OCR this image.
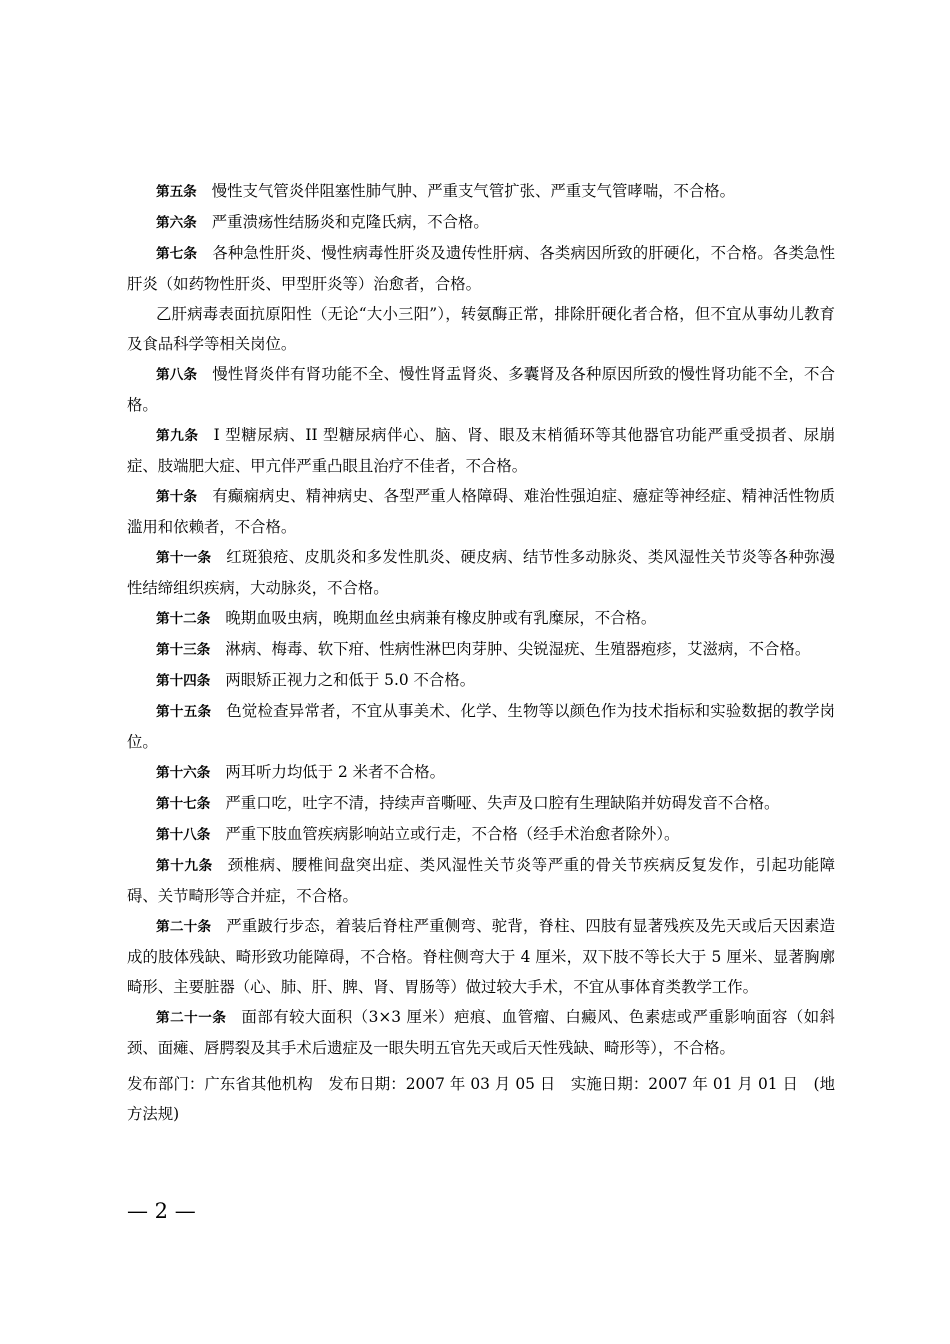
第五条 慢性支气管炎伴阻塞性肺气肿、严重支气管扩张、严重支气管哮喘，不合格。

第六条 严重溃疡性结肠炎和克隆氏病，不合格。

第七条 各种急性肝炎、慢性病毒性肝炎及遗传性肝病、各类病因所致的肝硬化，不合格。各类急性肝炎（如药物性肝炎、甲型肝炎等）治愈者，合格。

乙肝病毒表面抗原阳性（无论“大小三阳”），转氨酶正常，排除肝硬化者合格，但不宜从事幼儿教育及食品科学等相关岗位。

第八条 慢性肾炎伴有肾功能不全、慢性肾盂肾炎、多囊肾及各种原因所致的慢性肾功能不全，不合格。

第九条 I 型糖尿病、II 型糖尿病伴心、脑、肾、眼及末梢循环等其他器官功能严重受损者、尿崩症、肢端肥大症、甲亢伴严重凸眼且治疗不佳者，不合格。

第十条 有癫痫病史、精神病史、各型严重人格障碍、难治性强迫症、癔症等神经症、精神活性物质滥用和依赖者，不合格。

第十一条 红斑狼疮、皮肌炎和多发性肌炎、硬皮病、结节性多动脉炎、类风湿性关节炎等各种弥漫性结缔组织疾病，大动脉炎，不合格。

第十二条 晚期血吸虫病，晚期血丝虫病兼有橡皮肿或有乳糜尿，不合格。

第十三条 淋病、梅毒、软下疳、性病性淋巴肉芽肿、尖锐湿疣、生殖器疱疹，艾滋病，不合格。

第十四条 两眼矫正视力之和低于 5.0 不合格。

第十五条 色觉检查异常者，不宜从事美术、化学、生物等以颜色作为技术指标和实验数据的教学岗位。

第十六条 两耳听力均低于 2 米者不合格。

第十七条 严重口吃，吐字不清，持续声音嘶哑、失声及口腔有生理缺陷并妨碍发音不合格。

第十八条 严重下肢血管疾病影响站立或行走，不合格（经手术治愈者除外）。

第十九条 颈椎病、腰椎间盘突出症、类风湿性关节炎等严重的骨关节疾病反复发作，引起功能障碍、关节畸形等合并症，不合格。

第二十条 严重跛行步态，着装后脊柱严重侧弯、驼背，脊柱、四肢有显著残疾及先天或后天因素造成的肢体残缺、畸形致功能障碍，不合格。脊柱侧弯大于 4 厘米，双下肢不等长大于 5 厘米、显著胸廓畸形、主要脏器（心、肺、肝、脾、肾、胃肠等）做过较大手术，不宜从事体育类教学工作。

第二十一条 面部有较大面积（3×3 厘米）疤痕、血管瘤、白癜风、色素痣或严重影响面容（如斜颈、面瘫、唇腭裂及其手术后遗症及一眼失明五官先天或后天性残缺、畸形等），不合格。

发布部门：广东省其他机构　发布日期：2007 年 03 月 05 日　实施日期：2007 年 01 月 01 日　(地方法规)

— 2 —
